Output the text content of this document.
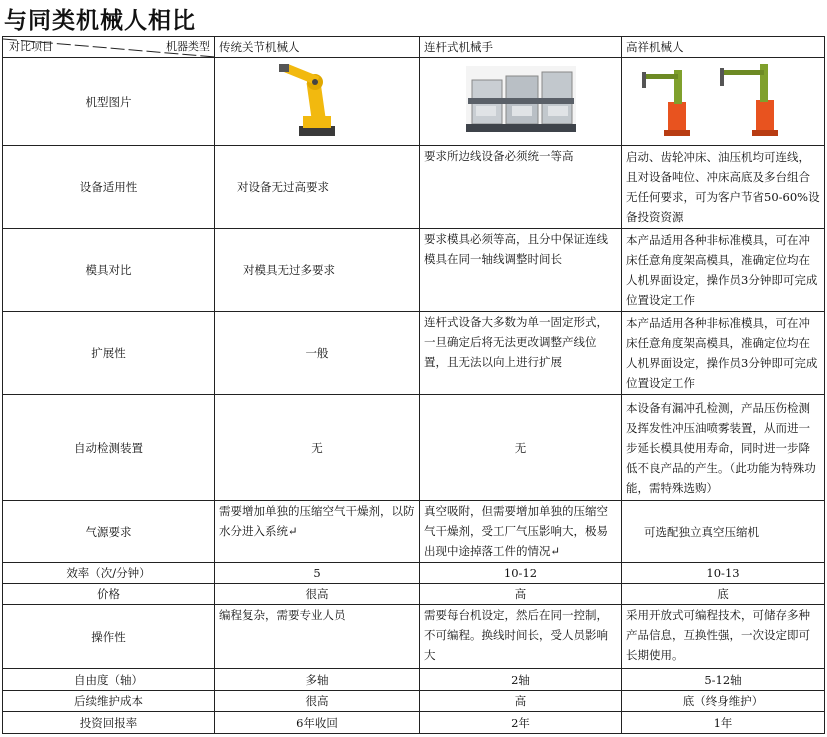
与同类机械人相比
机器类型
对比项目	传统关节机械人	连杆式机械手	高祥机械人
机型图片			
设备适用性	对设备无过高要求	要求所边线设备必须统一等高	启动、齿轮冲床、油压机均可连线，且对设备吨位、冲床高底及多台组合无任何要求，可为客户节省50-60%设备投资资源
模具对比	对模具无过多要求	要求模具必须等高，且分中保证连线模具在同一轴线调整时间长	本产品适用各种非标准模具，可在冲床任意角度架高模具，准确定位均在人机界面设定，操作员3分钟即可完成位置设定工作
扩展性	一般	连杆式设备大多数为单一固定形式，一旦确定后将无法更改调整产线位置，且无法以向上进行扩展	本产品适用各种非标准模具，可在冲床任意角度架高模具，准确定位均在人机界面设定，操作员3分钟即可完成位置设定工作
自动检测装置	无	无	本设备有漏冲孔检测，产品压伤检测及挥发性冲压油喷雾装置，从而进一步延长模具使用寿命，同时进一步降低不良产品的产生。（此功能为特殊功能，需特殊选购）
气源要求	需要增加单独的压缩空气干燥剂，以防水分进入系统↵	真空吸附，但需要增加单独的压缩空气干燥剂，受工厂气压影响大，极易出现中途掉落工件的情况↵	可选配独立真空压缩机
效率（次/分钟）	5	10-12	10-13
价格	很高	高	底
操作性	编程复杂，需要专业人员	需要每台机设定，然后在同一控制，不可编程。换线时间长，受人员影响大	采用开放式可编程技术，可储存多种产品信息，互换性强，一次设定即可长期使用。
自由度（轴）	多轴	2轴	5-12轴
后续维护成本	很高	高	底（终身维护）
投资回报率	6年收回	2年	1年
